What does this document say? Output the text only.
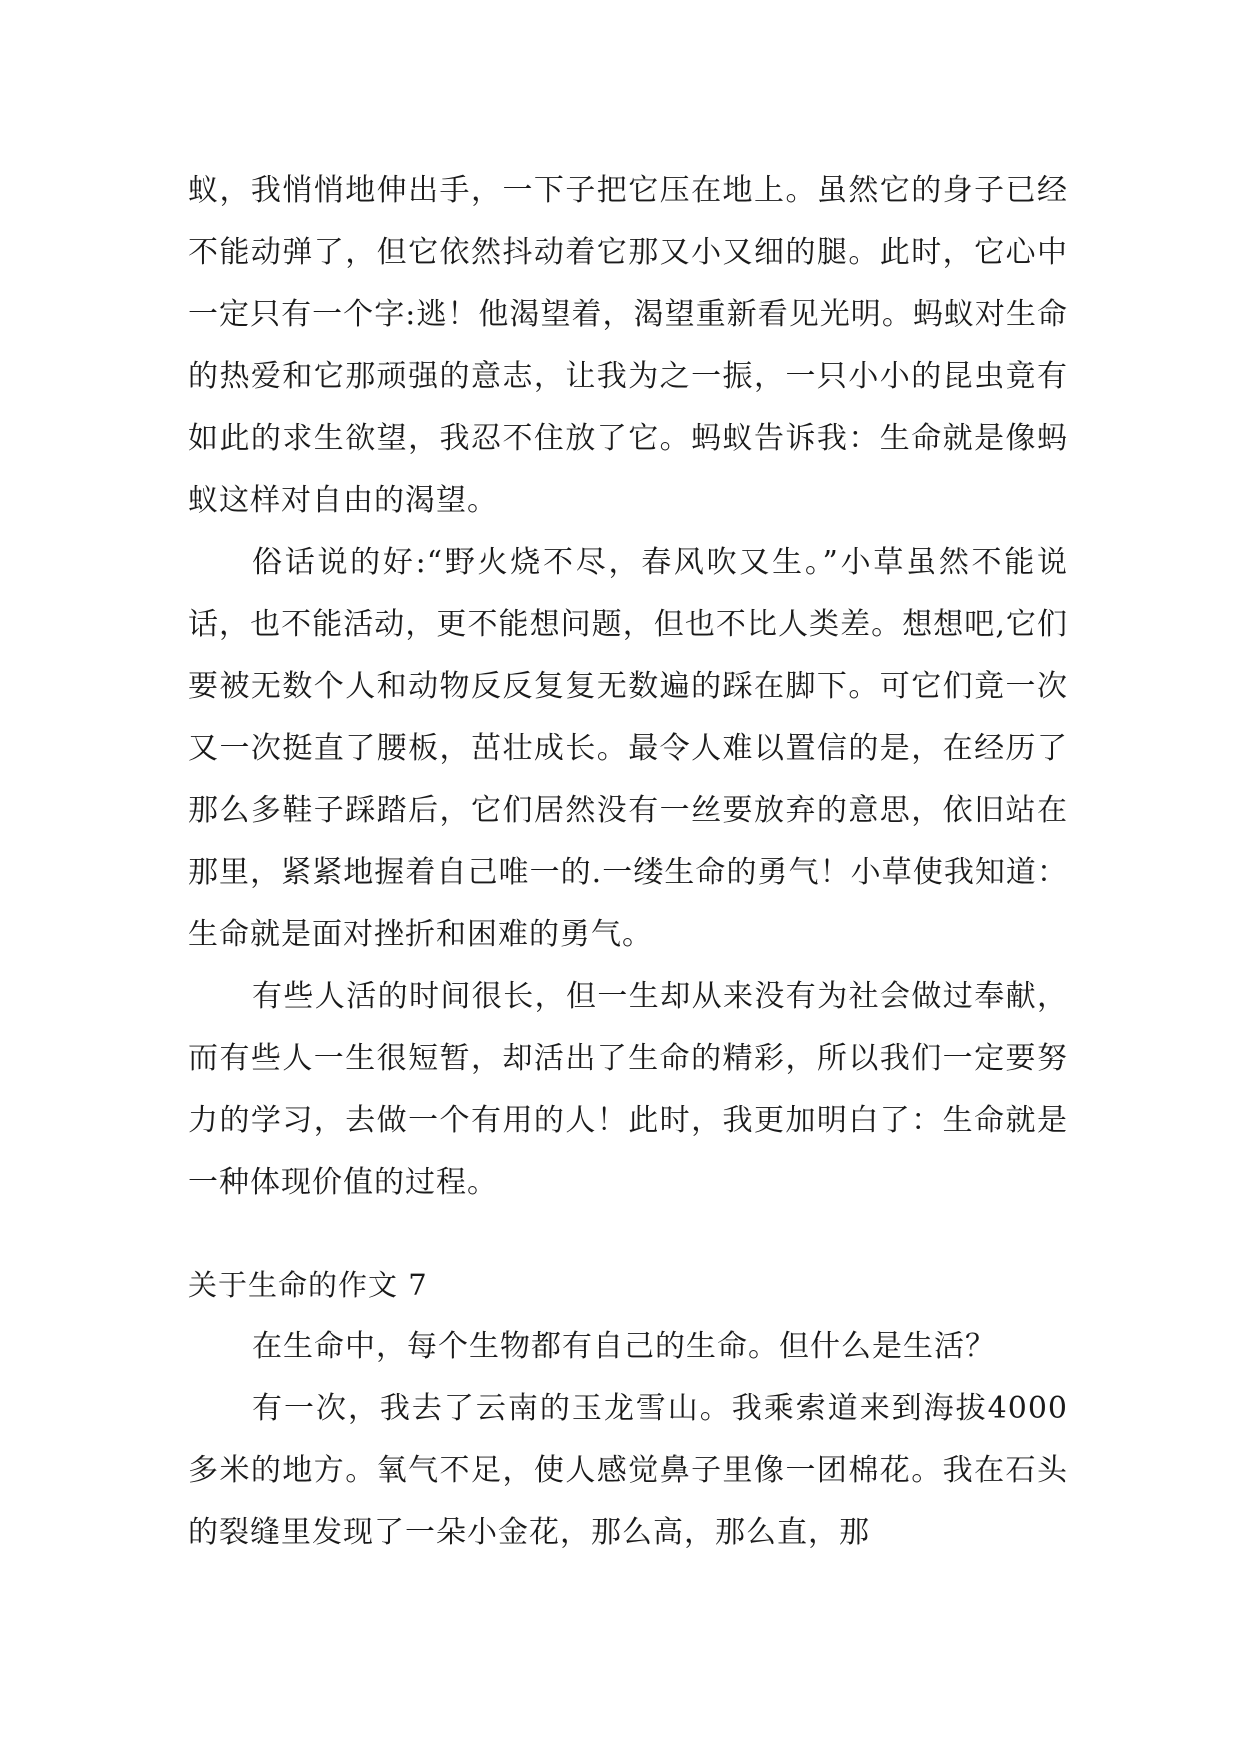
蚁，我悄悄地伸出手，一下子把它压在地上。虽然它的身子已经不能动弹了，但它依然抖动着它那又小又细的腿。此时，它心中一定只有一个字:逃！他渴望着，渴望重新看见光明。蚂蚁对生命的热爱和它那顽强的意志，让我为之一振，一只小小的昆虫竟有如此的求生欲望，我忍不住放了它。蚂蚁告诉我：生命就是像蚂蚁这样对自由的渴望。

俗话说的好:“野火烧不尽，春风吹又生。”小草虽然不能说话，也不能活动，更不能想问题，但也不比人类差。想想吧,它们要被无数个人和动物反反复复无数遍的踩在脚下。可它们竟一次又一次挺直了腰板，茁壮成长。最令人难以置信的是，在经历了那么多鞋子踩踏后，它们居然没有一丝要放弃的意思，依旧站在那里，紧紧地握着自己唯一的.一缕生命的勇气！小草使我知道：生命就是面对挫折和困难的勇气。

有些人活的时间很长，但一生却从来没有为社会做过奉献，而有些人一生很短暂，却活出了生命的精彩，所以我们一定要努力的学习，去做一个有用的人！此时，我更加明白了：生命就是一种体现价值的过程。

关于生命的作文 7

在生命中，每个生物都有自己的生命。但什么是生活？

有一次，我去了云南的玉龙雪山。我乘索道来到海拔4000 多米的地方。氧气不足，使人感觉鼻子里像一团棉花。我在石头的裂缝里发现了一朵小金花，那么高，那么直，那
